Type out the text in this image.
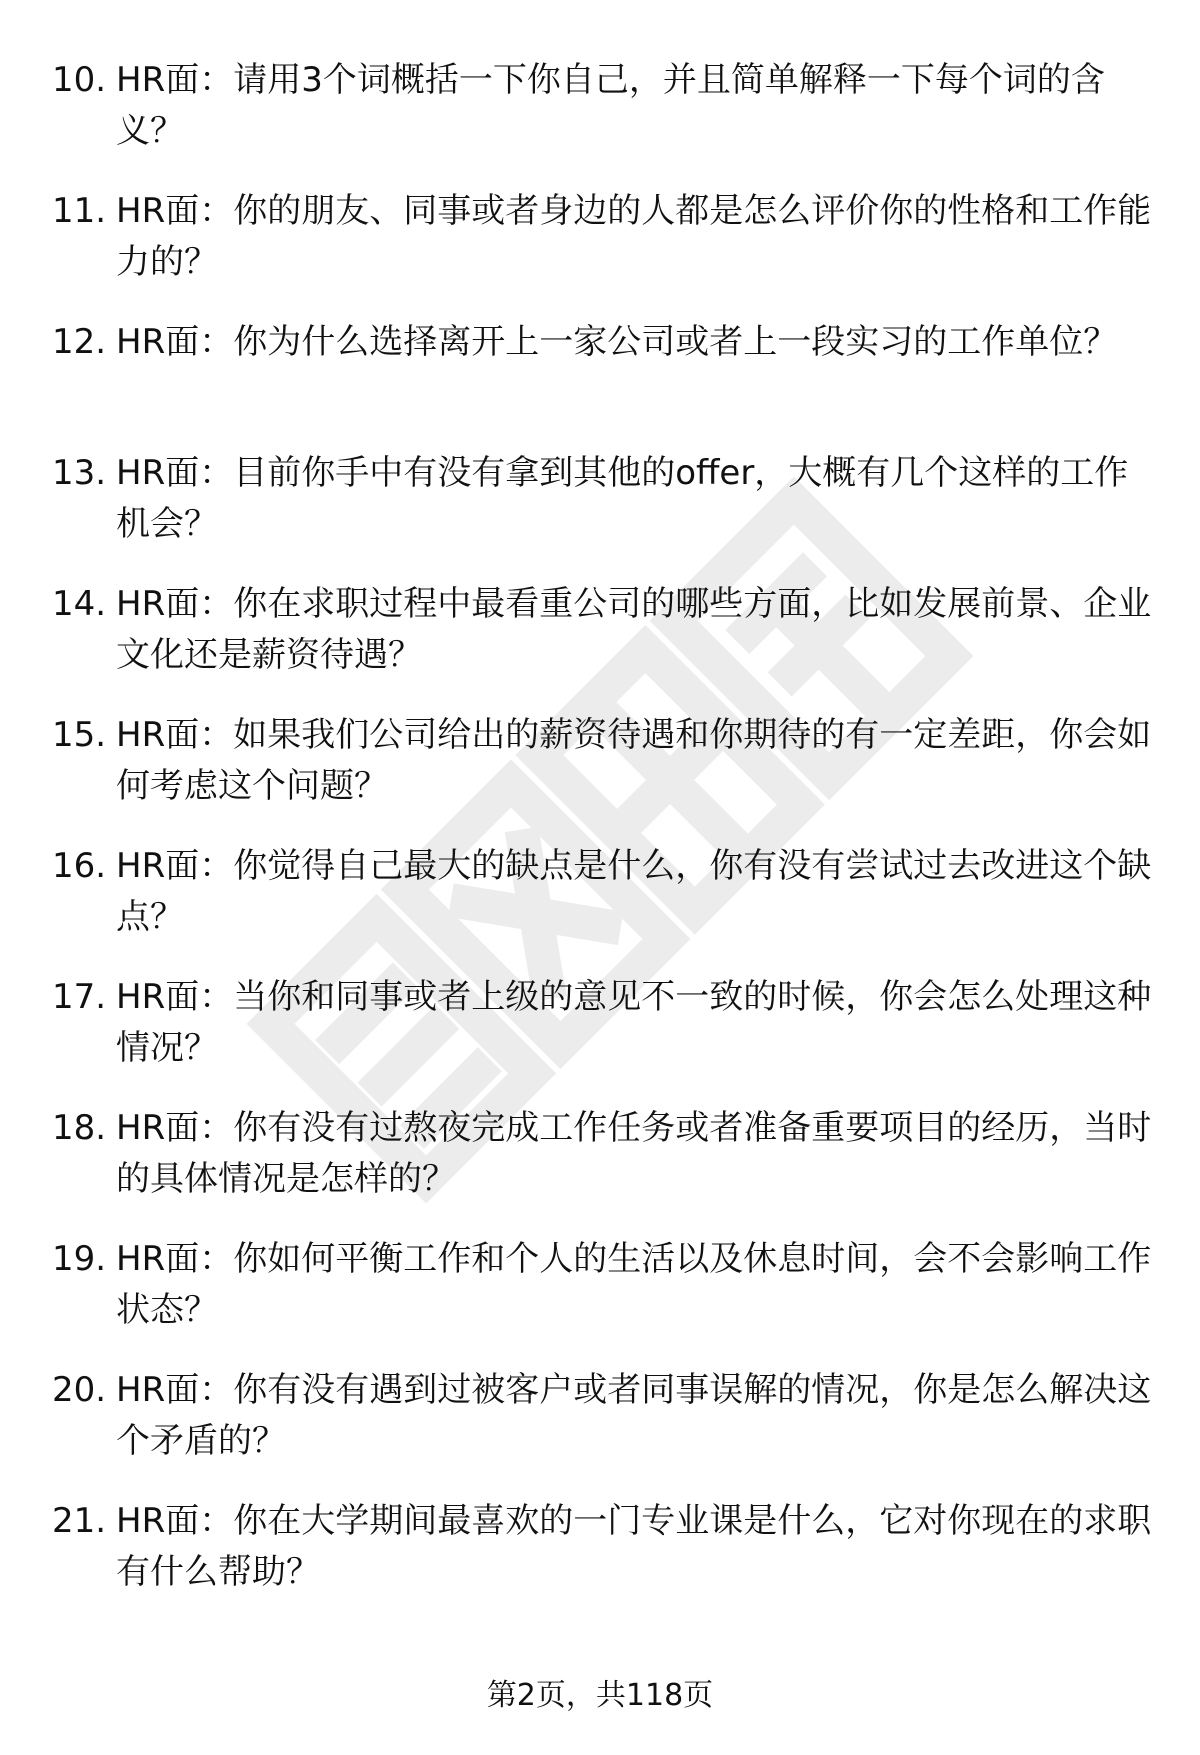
10. HR面：请用3个词概括一下你自己，并且简单解释一下每个词的含义？
11. HR面：你的朋友、同事或者身边的人都是怎么评价你的性格和工作能力的？
12. HR面：你为什么选择离开上一家公司或者上一段实习的工作单位？
13. HR面：目前你手中有没有拿到其他的offer，大概有几个这样的工作机会？
14. HR面：你在求职过程中最看重公司的哪些方面，比如发展前景、企业文化还是薪资待遇？
15. HR面：如果我们公司给出的薪资待遇和你期待的有一定差距，你会如何考虑这个问题？
16. HR面：你觉得自己最大的缺点是什么，你有没有尝试过去改进这个缺点？
17. HR面：当你和同事或者上级的意见不一致的时候，你会怎么处理这种情况？
18. HR面：你有没有过熬夜完成工作任务或者准备重要项目的经历，当时的具体情况是怎样的？
19. HR面：你如何平衡工作和个人的生活以及休息时间，会不会影响工作状态？
20. HR面：你有没有遇到过被客户或者同事误解的情况，你是怎么解决这个矛盾的？
21. HR面：你在大学期间最喜欢的一门专业课是什么，它对你现在的求职有什么帮助？
第2页，共118页
